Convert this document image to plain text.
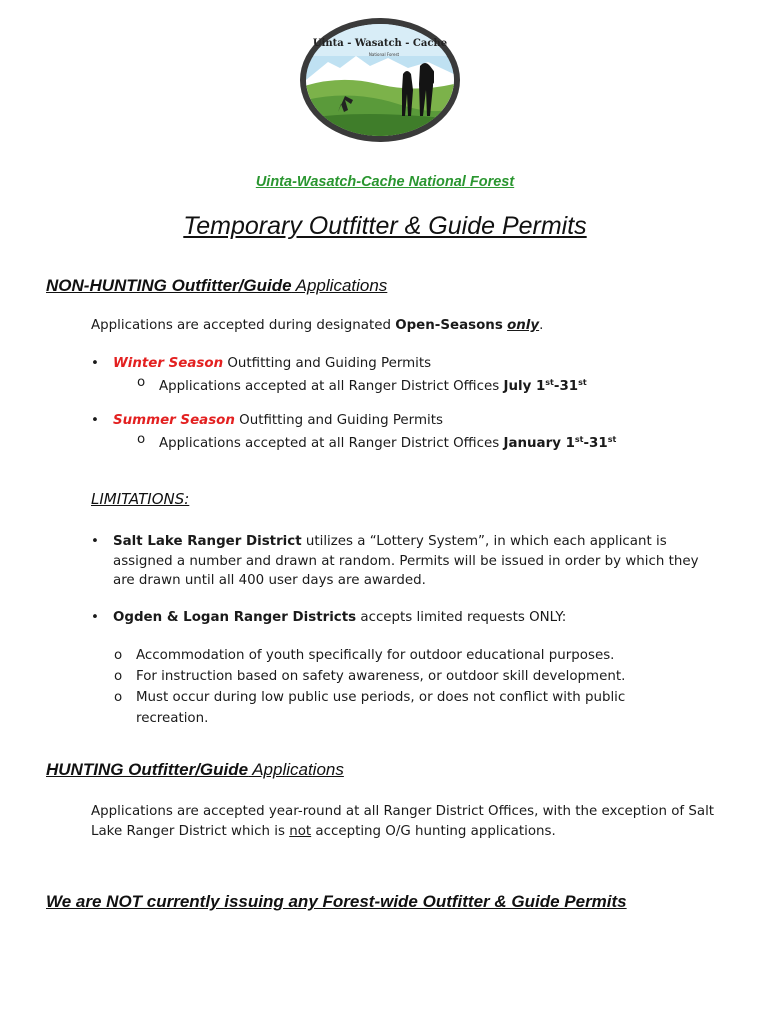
Uinta - Wasatch - Cache
National Forest
Uinta-Wasatch-Cache National Forest
Temporary Outfitter & Guide Permits
NON-HUNTING Outfitter/Guide Applications

Applications are accepted during designated Open-Seasons only.

• Winter Season Outfitting and Guiding Permits
o Applications accepted at all Ranger District Offices July 1st-31st
• Summer Season Outfitting and Guiding Permits
o Applications accepted at all Ranger District Offices January 1st-31st
LIMITATIONS:
• Salt Lake Ranger District utilizes a “Lottery System”, in which each applicant is assigned a number and drawn at random. Permits will be issued in order by which they are drawn until all 400 user days are awarded.
• Ogden & Logan Ranger Districts accepts limited requests ONLY:
o Accommodation of youth specifically for outdoor educational purposes.
o For instruction based on safety awareness, or outdoor skill development.
o Must occur during low public use periods, or does not conflict with public recreation.
HUNTING Outfitter/Guide Applications

Applications are accepted year-round at all Ranger District Offices, with the exception of Salt Lake Ranger District which is not accepting O/G hunting applications.

We are NOT currently issuing any Forest-wide Outfitter & Guide Permits
